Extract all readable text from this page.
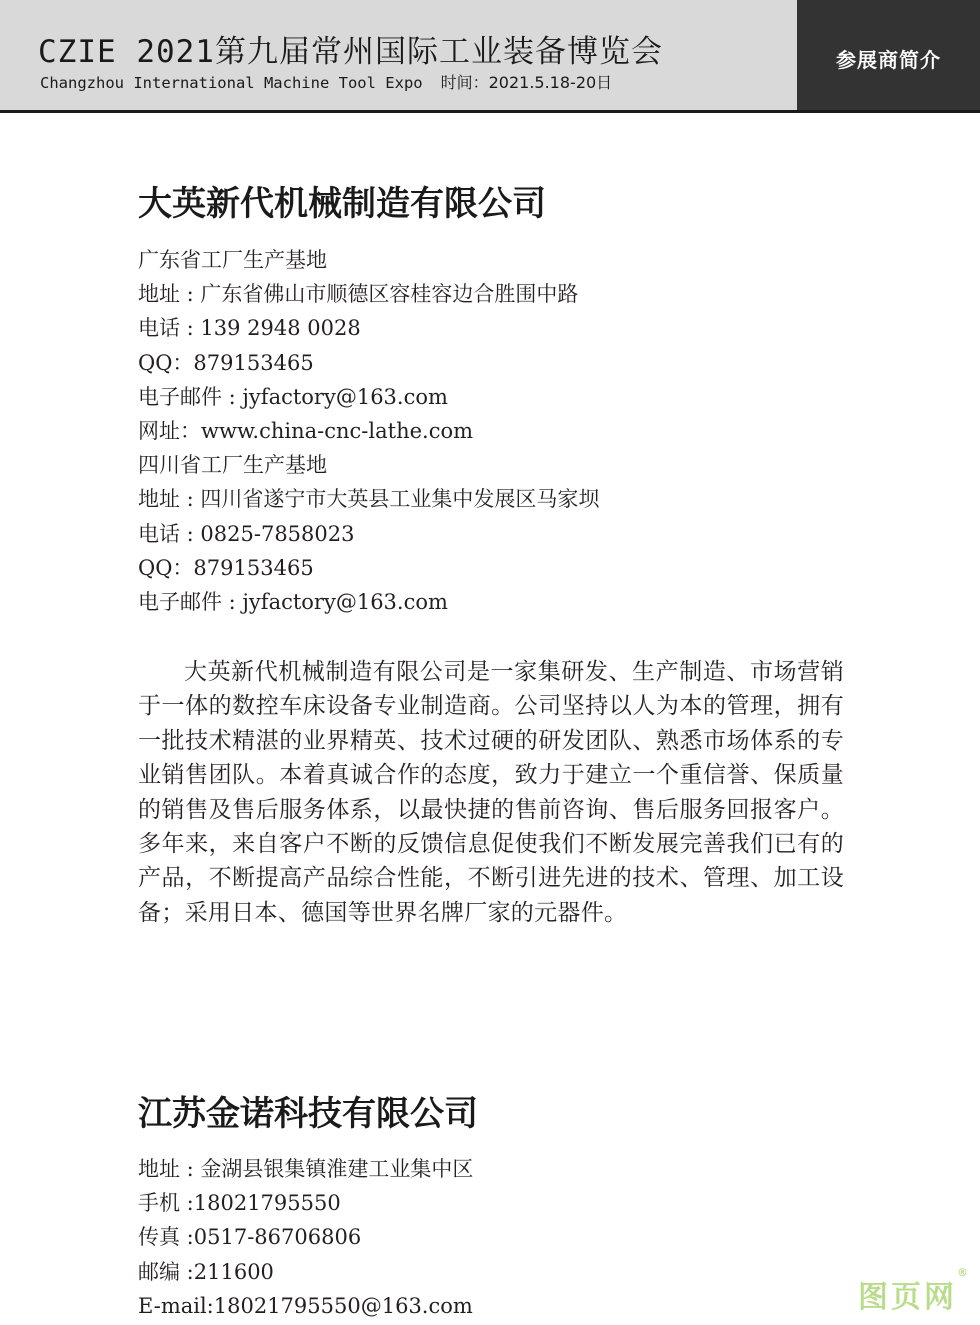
CZIE 2021第九届常州国际工业装备博览会
Changzhou International Machine Tool Expo 时间：2021.5.18-20日
参展商简介
大英新代机械制造有限公司
广东省工厂生产基地
地址 : 广东省佛山市顺德区容桂容边合胜围中路
电话 : 139 2948 0028
QQ：879153465
电子邮件 : jyfactory@163.com
网址：www.china-cnc-lathe.com
四川省工厂生产基地
地址 : 四川省遂宁市大英县工业集中发展区马家坝
电话 : 0825-7858023
QQ：879153465
电子邮件 : jyfactory@163.com

大英新代机械制造有限公司是一家集研发、生产制造、市场营销于一体的数控车床设备专业制造商。公司坚持以人为本的管理，拥有一批技术精湛的业界精英、技术过硬的研发团队、熟悉市场体系的专业销售团队。本着真诚合作的态度，致力于建立一个重信誉、保质量的销售及售后服务体系，以最快捷的售前咨询、售后服务回报客户。多年来，来自客户不断的反馈信息促使我们不断发展完善我们已有的产品，不断提高产品综合性能，不断引进先进的技术、管理、加工设备；采用日本、德国等世界名牌厂家的元器件。

江苏金诺科技有限公司
地址 : 金湖县银集镇淮建工业集中区
手机 :18021795550
传真 :0517-86706806
邮编 :211600
E-mail:18021795550@163.com	图页网®
